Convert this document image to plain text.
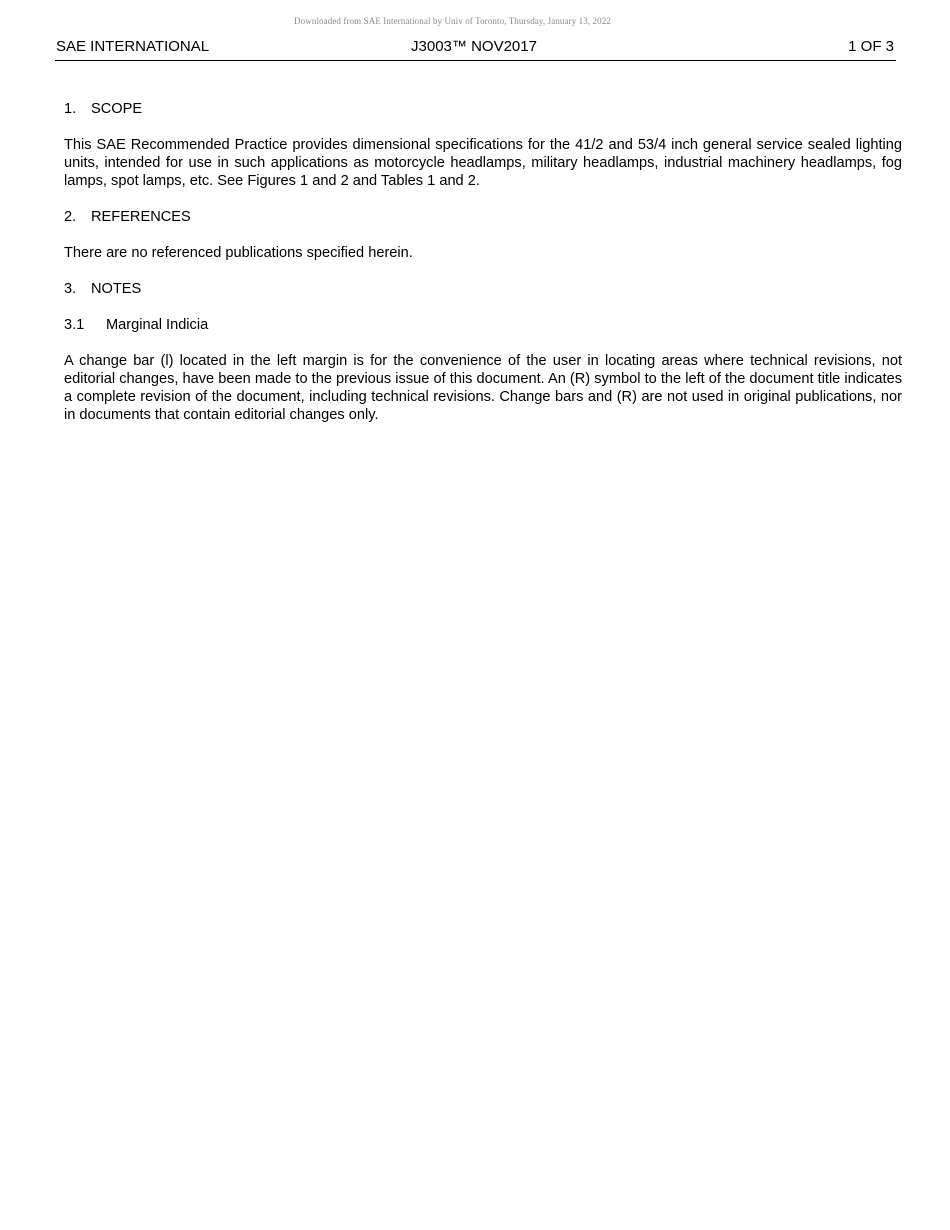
Downloaded from SAE International by Univ of Toronto, Thursday, January 13, 2022
SAE INTERNATIONAL	J3003™ NOV2017	1 OF 3
1. SCOPE

This SAE Recommended Practice provides dimensional specifications for the 41/2 and 53/4 inch general service sealed lighting units, intended for use in such applications as motorcycle headlamps, military headlamps, industrial machinery headlamps, fog lamps, spot lamps, etc. See Figures 1 and 2 and Tables 1 and 2.

2. REFERENCES

There are no referenced publications specified herein.

3. NOTES
3.1 Marginal Indicia

A change bar (l) located in the left margin is for the convenience of the user in locating areas where technical revisions, not editorial changes, have been made to the previous issue of this document. An (R) symbol to the left of the document title indicates a complete revision of the document, including technical revisions. Change bars and (R) are not used in original publications, nor in documents that contain editorial changes only.
